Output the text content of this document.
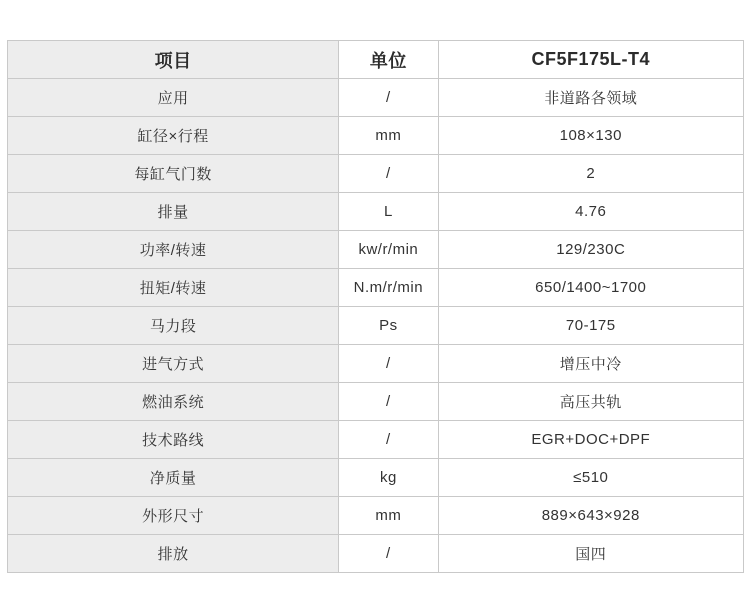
项目	单位	CF5F175L-T4
应用	/	非道路各领域
缸径×行程	mm	108×130
每缸气门数	/	2
排量	L	4.76
功率/转速	kw/r/min	129/230C
扭矩/转速	N.m/r/min	650/1400~1700
马力段	Ps	70-175
进气方式	/	增压中冷
燃油系统	/	高压共轨
技术路线	/	EGR+DOC+DPF
净质量	kg	≤510
外形尺寸	mm	889×643×928
排放	/	国四
